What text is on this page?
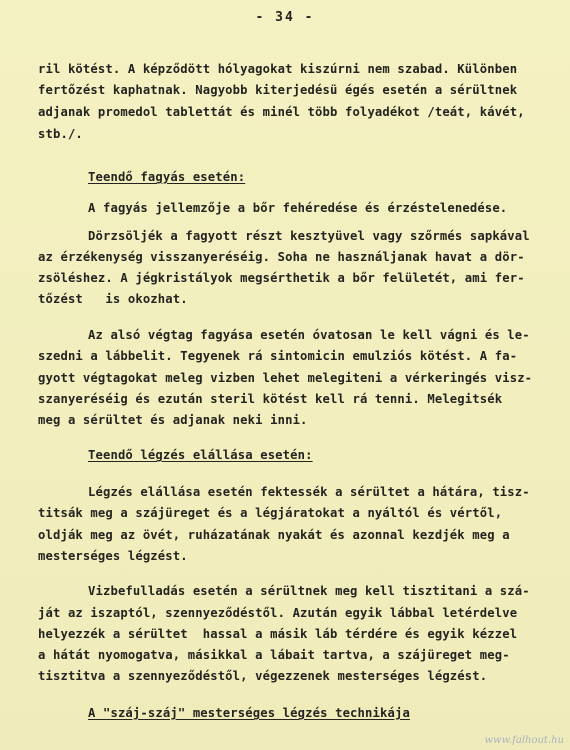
- 34 -
ril kötést. A képződött hólyagokat kiszúrni nem szabad. Különben
fertőzést kaphatnak. Nagyobb kiterjedésü égés esetén a sérültnek
adjanak promedol tablettát és minél több folyadékot /teát, kávét,
stb./.
Teendő fagyás esetén:
A fagyás jellemzője a bőr fehéredése és érzéstelenedése.
Dörzsöljék a fagyott részt kesztyüvel vagy szőrmés sapkával
az érzékenység visszanyeréséig. Soha ne használjanak havat a dör-
zsöléshez. A jégkristályok megsérthetik a bőr felületét, ami fer-
tőzést   is okozhat.
Az alsó végtag fagyása esetén óvatosan le kell vágni és le-
szedni a lábbelit. Tegyenek rá sintomicin emulziós kötést. A fa-
gyott végtagokat meleg vizben lehet melegiteni a vérkeringés visz-
szanyeréséig és ezután steril kötést kell rá tenni. Melegitsék
meg a sérültet és adjanak neki inni.
Teendő légzés elállása esetén:
Légzés elállása esetén fektessék a sérültet a hátára, tisz-
titsák meg a szájüreget és a légjáratokat a nyáltól és vértől,
oldják meg az övét, ruházatának nyakát és azonnal kezdjék meg a
mesterséges légzést.
Vizbefulladás esetén a sérültnek meg kell tisztitani a szá-
ját az iszaptól, szennyeződéstől. Azután egyik lábbal letérdelve
helyezzék a sérültet  hassal a másik láb térdére és egyik kézzel
a hátát nyomogatva, másikkal a lábait tartva, a szájüreget meg-
tisztitva a szennyeződéstől, végezzenek mesterséges légzést.
A "száj-száj" mesterséges légzés technikája
www.falhout.hu
